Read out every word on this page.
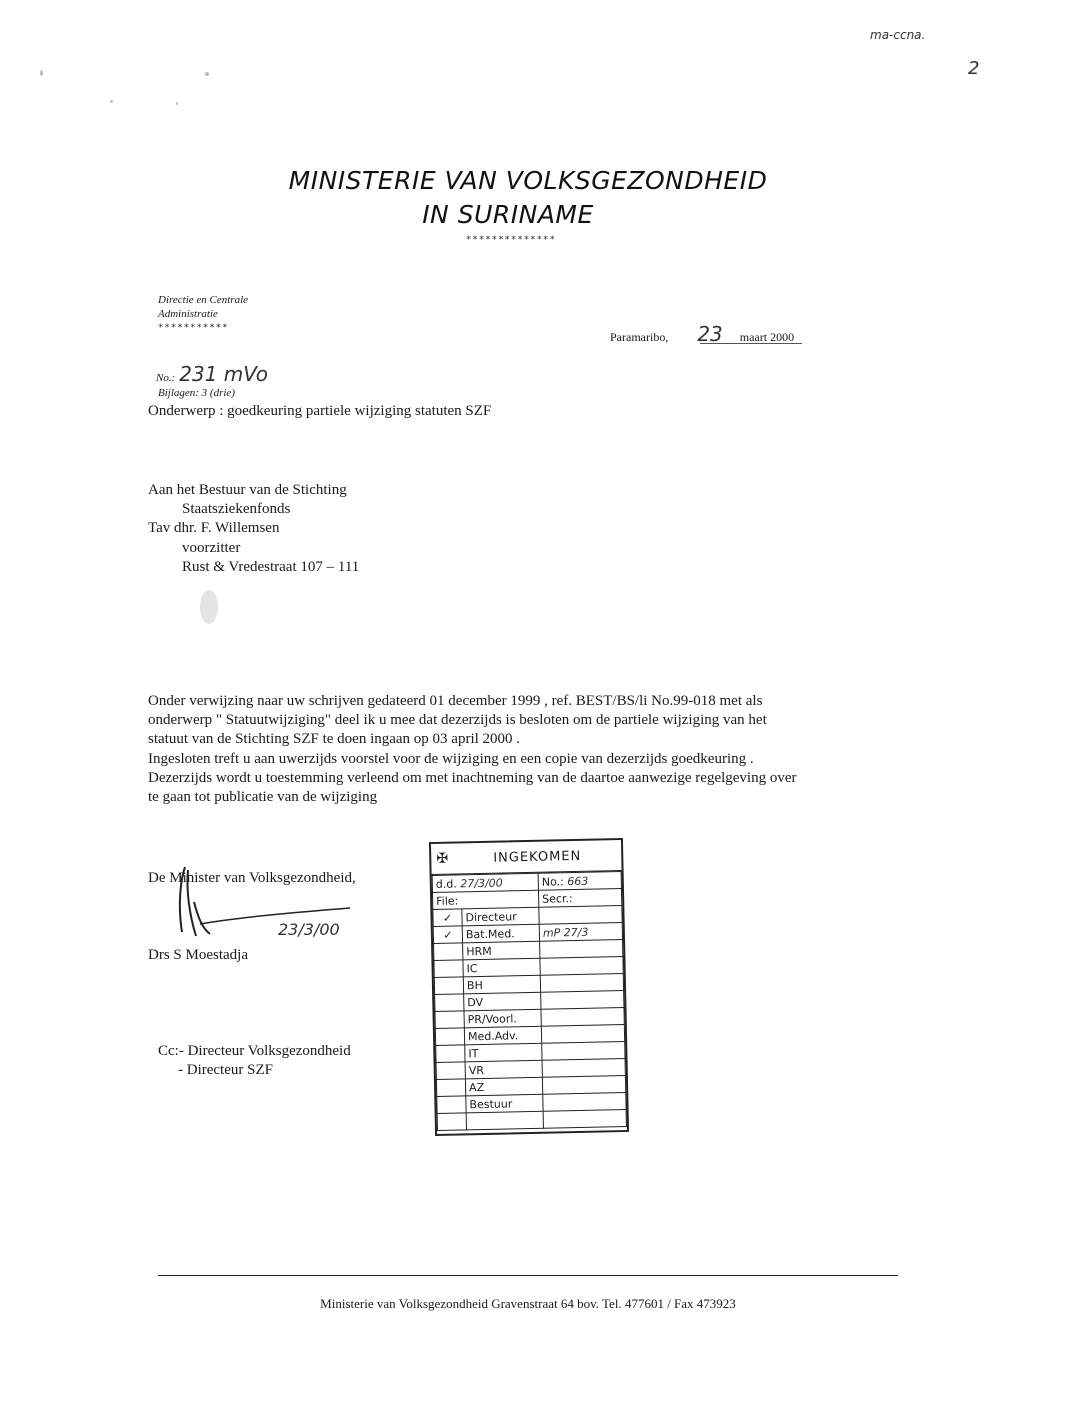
ma-ccna.
2
MINISTERIE VAN VOLKSGEZONDHEID
IN SURINAME
**************
Directie en Centrale
Administratie
***********
Paramaribo, 23 maart 2000
No.: 231 mVo
Bijlagen: 3 (drie)
Onderwerp : goedkeuring partiele wijziging statuten SZF
Aan het Bestuur van de Stichting
Staatsziekenfonds
Tav dhr. F. Willemsen
voorzitter
Rust & Vredestraat 107 – 111
Onder verwijzing naar uw schrijven gedateerd 01 december 1999 , ref. BEST/BS/li No.99-018 met als
onderwerp " Statuutwijziging" deel ik u mee dat dezerzijds is besloten om de partiele wijziging van het
statuut van de Stichting SZF te doen ingaan op 03 april 2000 .
Ingesloten treft u aan uwerzijds voorstel voor de wijziging en een copie van dezerzijds goedkeuring .
Dezerzijds wordt u toestemming verleend om met inachtneming van de daartoe aanwezige regelgeving over
te gaan tot publicatie van de wijziging
De Minister van Volksgezondheid,
23/3/00
Drs S Moestadja
Cc:- Directeur Volksgezondheid
- Directeur SZF
✠	INGEKOMEN
d.d. 27/3/00		No.: 663
File:		Secr.:
✓	Directeur	
✓	Bat.Med.	mP 27/3
	HRM	
	IC	
	BH	
	DV	
	PR/Voorl.	
	Med.Adv.	
	IT	
	VR	
	AZ	
	Bestuur	

Ministerie van Volksgezondheid Gravenstraat 64 bov. Tel. 477601 / Fax 473923
